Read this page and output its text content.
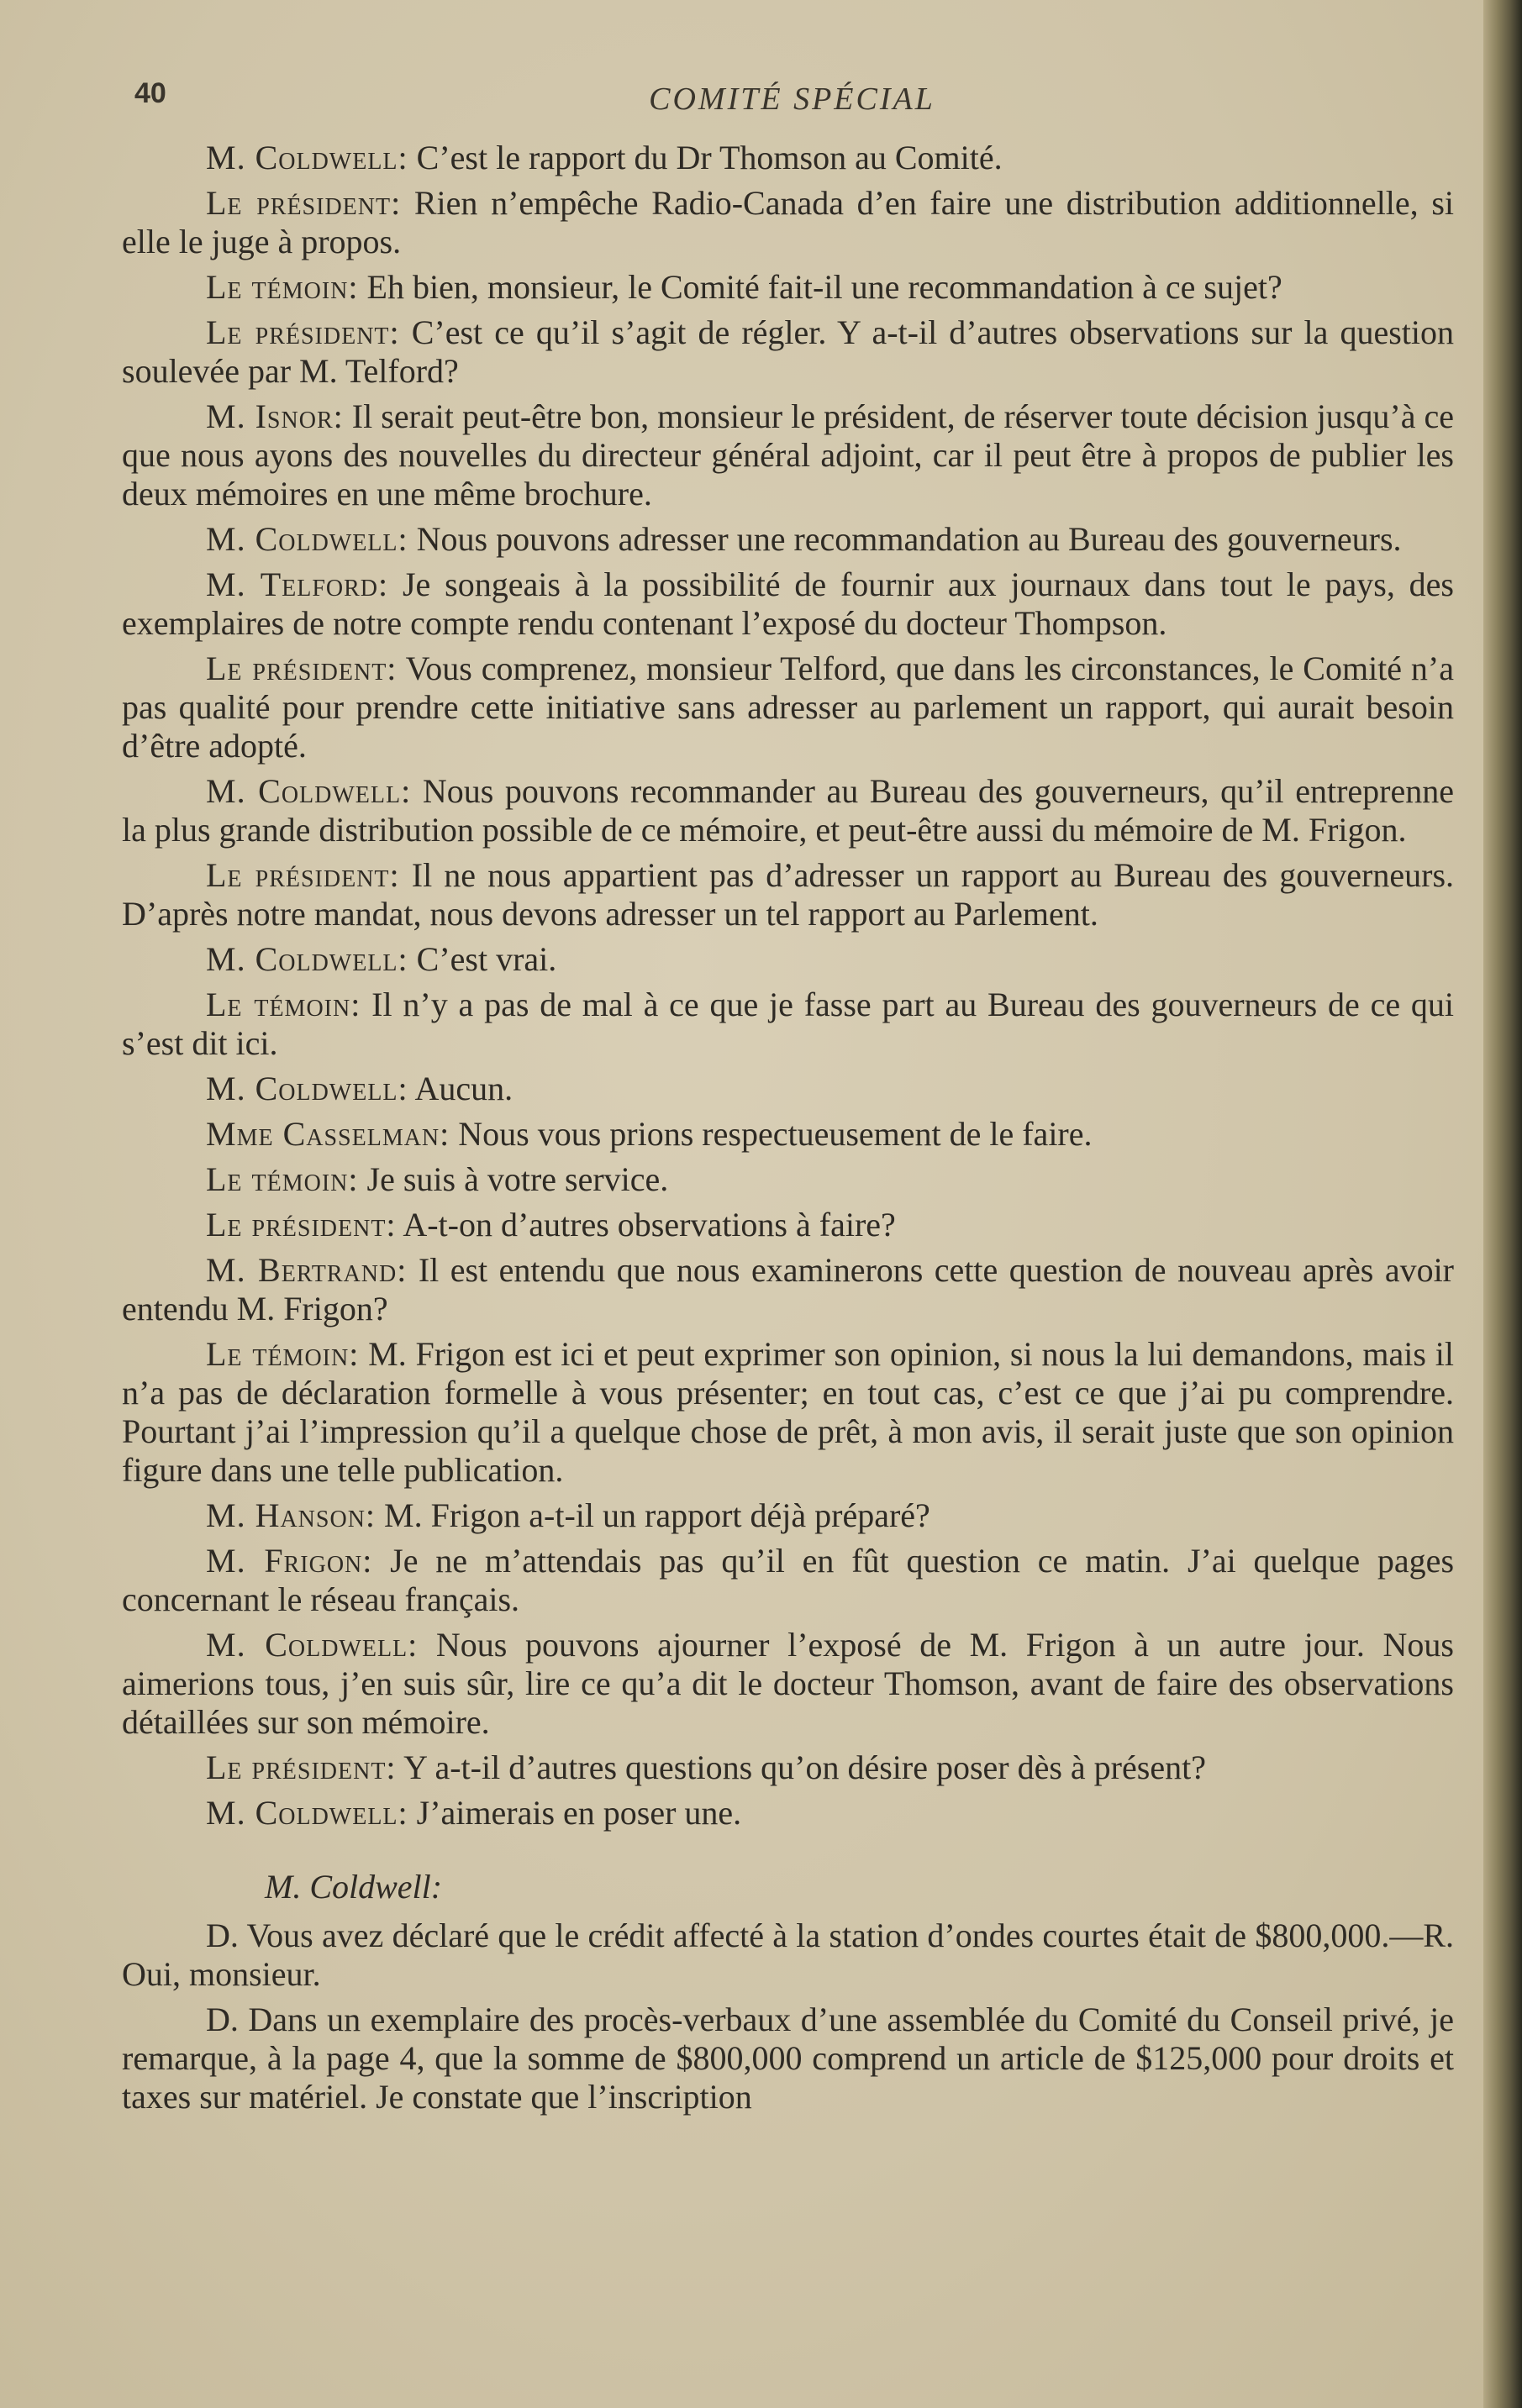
40	COMITÉ SPÉCIAL

M. Coldwell: C’est le rapport du Dr Thomson au Comité.

Le président: Rien n’empêche Radio-Canada d’en faire une distribution additionnelle, si elle le juge à propos.

Le témoin: Eh bien, monsieur, le Comité fait-il une recommandation à ce sujet?

Le président: C’est ce qu’il s’agit de régler. Y a-t-il d’autres observations sur la question soulevée par M. Telford?

M. Isnor: Il serait peut-être bon, monsieur le président, de réserver toute décision jusqu’à ce que nous ayons des nouvelles du directeur général adjoint, car il peut être à propos de publier les deux mémoires en une même brochure.

M. Coldwell: Nous pouvons adresser une recommandation au Bureau des gouverneurs.

M. Telford: Je songeais à la possibilité de fournir aux journaux dans tout le pays, des exemplaires de notre compte rendu contenant l’exposé du docteur Thompson.

Le président: Vous comprenez, monsieur Telford, que dans les circonstances, le Comité n’a pas qualité pour prendre cette initiative sans adresser au parlement un rapport, qui aurait besoin d’être adopté.

M. Coldwell: Nous pouvons recommander au Bureau des gouverneurs, qu’il entreprenne la plus grande distribution possible de ce mémoire, et peut-être aussi du mémoire de M. Frigon.

Le président: Il ne nous appartient pas d’adresser un rapport au Bureau des gouverneurs. D’après notre mandat, nous devons adresser un tel rapport au Parlement.

M. Coldwell: C’est vrai.

Le témoin: Il n’y a pas de mal à ce que je fasse part au Bureau des gouverneurs de ce qui s’est dit ici.

M. Coldwell: Aucun.

Mme Casselman: Nous vous prions respectueusement de le faire.

Le témoin: Je suis à votre service.

Le président: A-t-on d’autres observations à faire?

M. Bertrand: Il est entendu que nous examinerons cette question de nouveau après avoir entendu M. Frigon?

Le témoin: M. Frigon est ici et peut exprimer son opinion, si nous la lui demandons, mais il n’a pas de déclaration formelle à vous présenter; en tout cas, c’est ce que j’ai pu comprendre. Pourtant j’ai l’impression qu’il a quelque chose de prêt, à mon avis, il serait juste que son opinion figure dans une telle publication.

M. Hanson: M. Frigon a-t-il un rapport déjà préparé?

M. Frigon: Je ne m’attendais pas qu’il en fût question ce matin. J’ai quelque pages concernant le réseau français.

M. Coldwell: Nous pouvons ajourner l’exposé de M. Frigon à un autre jour. Nous aimerions tous, j’en suis sûr, lire ce qu’a dit le docteur Thomson, avant de faire des observations détaillées sur son mémoire.

Le président: Y a-t-il d’autres questions qu’on désire poser dès à présent?

M. Coldwell: J’aimerais en poser une.

M. Coldwell:

D. Vous avez déclaré que le crédit affecté à la station d’ondes courtes était de $800,000.—R. Oui, monsieur.

D. Dans un exemplaire des procès-verbaux d’une assemblée du Comité du Conseil privé, je remarque, à la page 4, que la somme de $800,000 comprend un article de $125,000 pour droits et taxes sur matériel. Je constate que l’inscription
